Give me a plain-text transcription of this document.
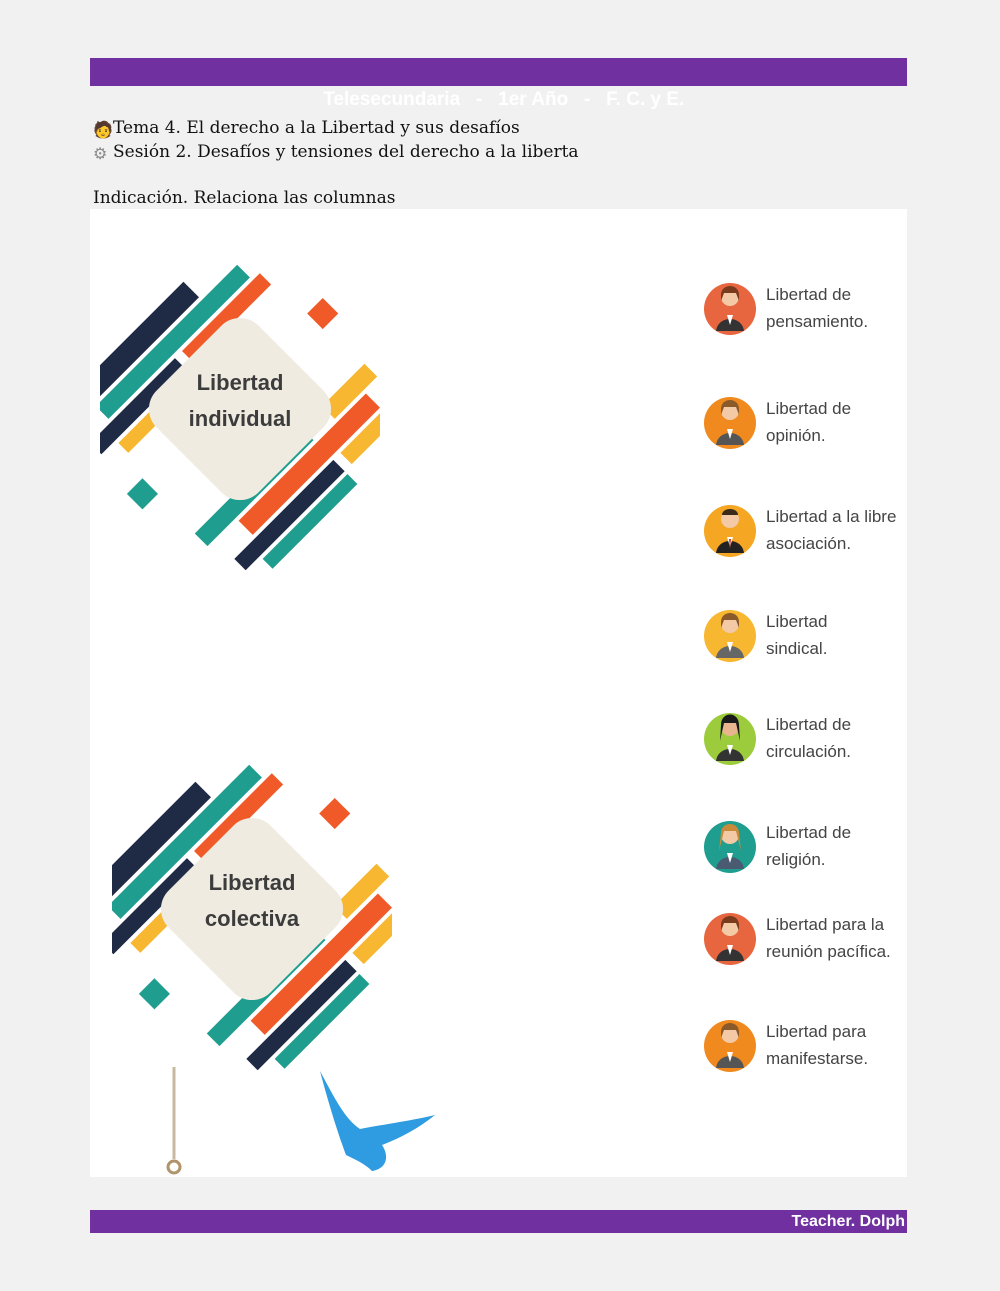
Telesecundaria   -   1er Año   -   F. C. y E.

🧑Tema 4. El derecho a la Libertad y sus desafíos
⚙ Sesión 2. Desafíos y tensiones del derecho a la liberta
Indicación. Relaciona las columnas
Libertad
individual
Libertad
colectiva
Libertad de
pensamiento.
Libertad de
opinión.
Libertad a la libre
asociación.
Libertad
sindical.
Libertad de
circulación.
Libertad de
religión.
Libertad para la
reunión pacífica.
Libertad para
manifestarse.
Teacher. Dolph
